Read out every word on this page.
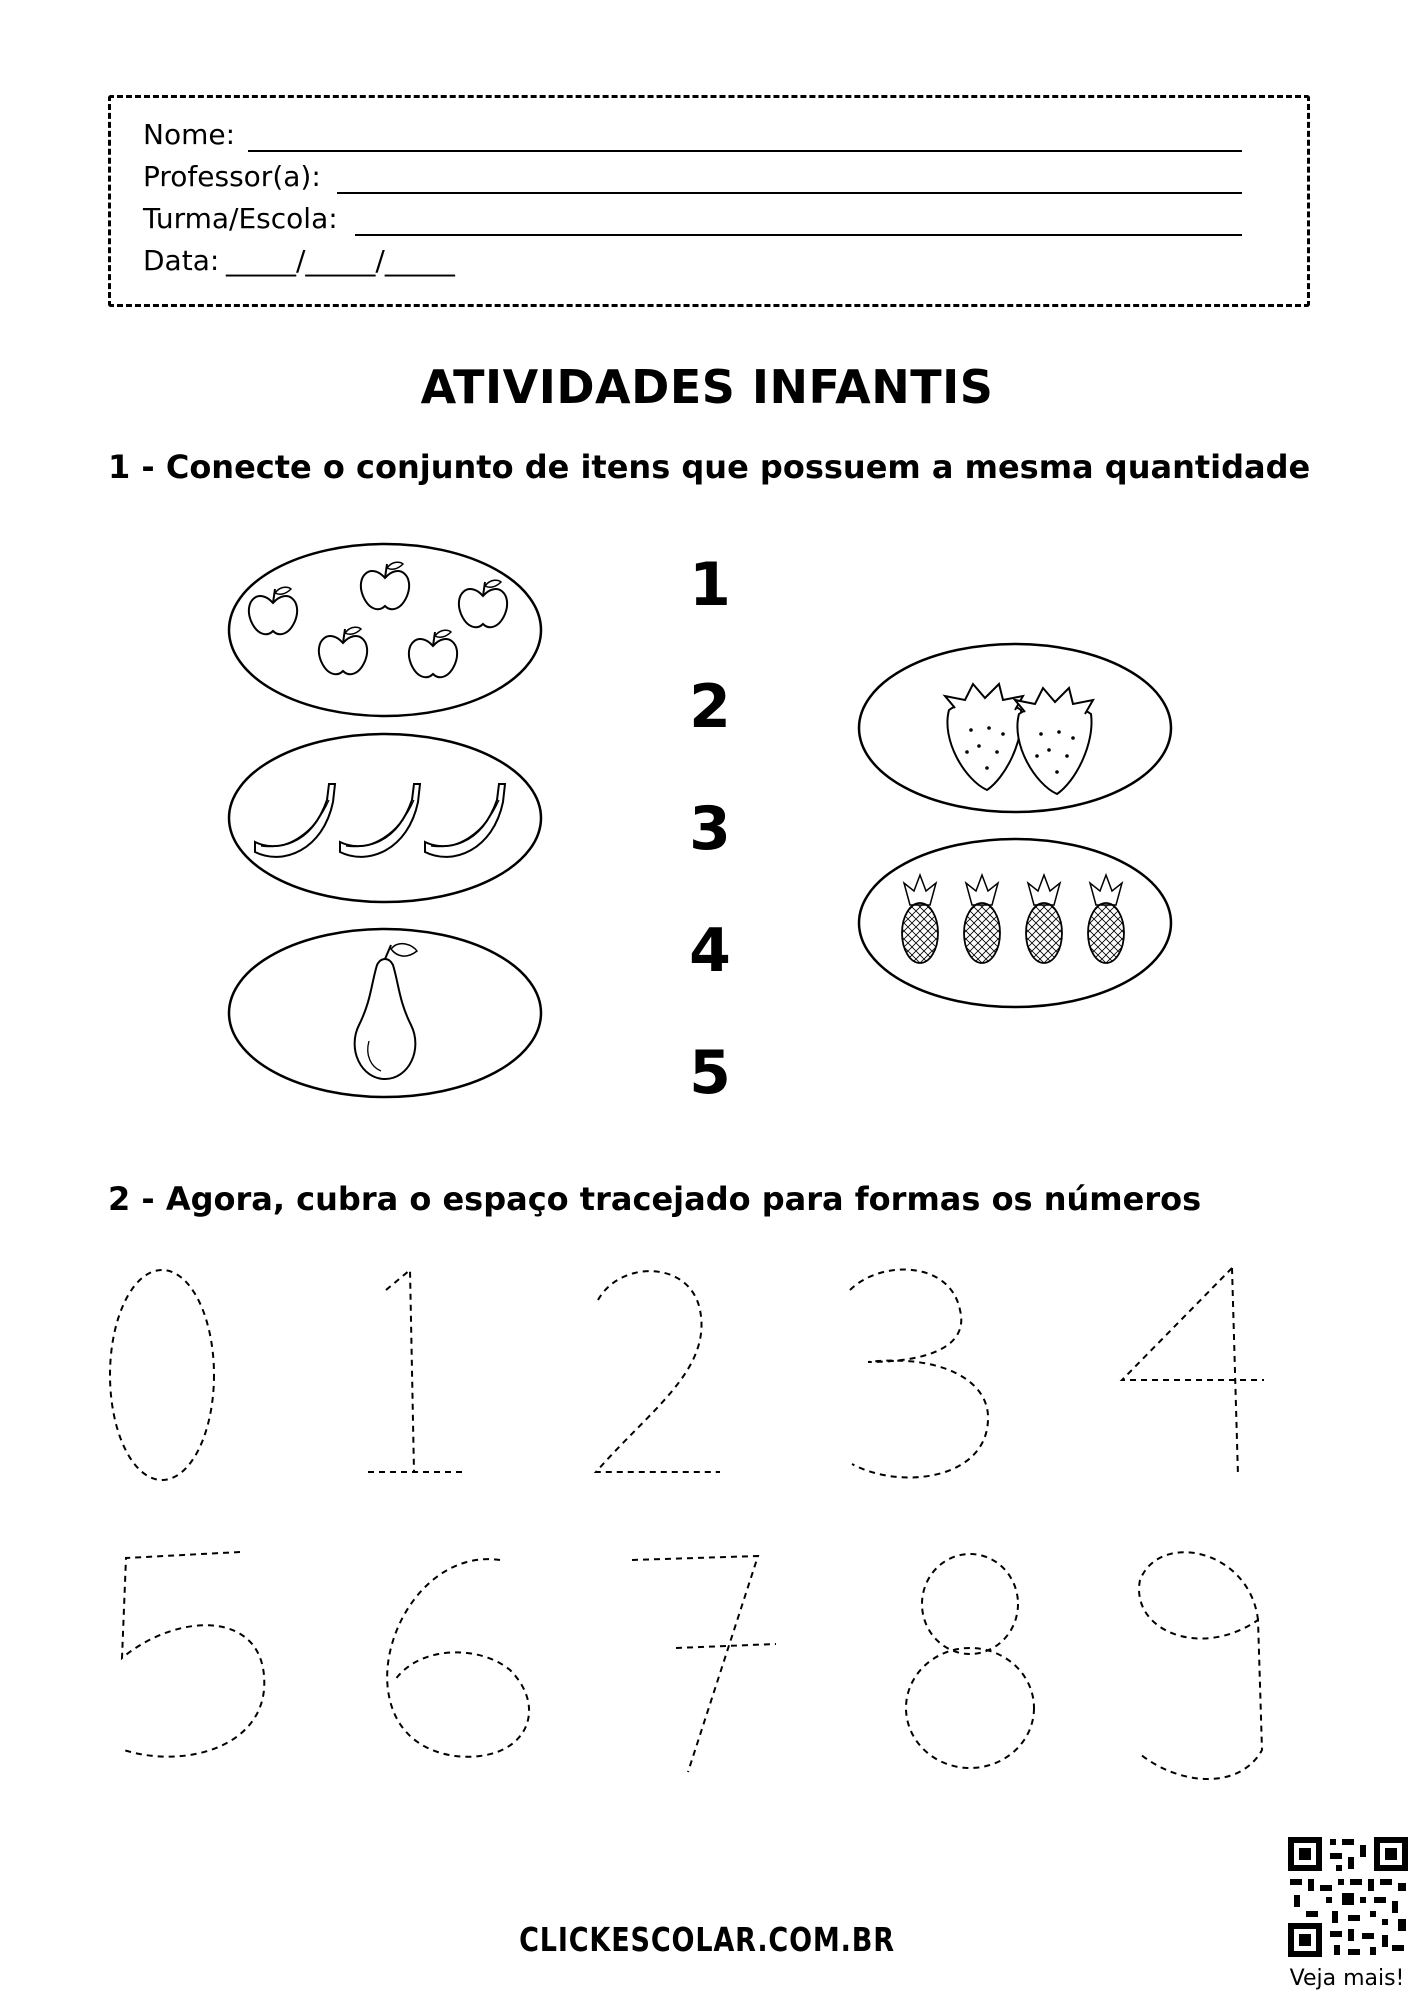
Nome:
Professor(a):
Turma/Escola:
Data: _____/_____/_____
ATIVIDADES INFANTIS
1 - Conecte o conjunto de itens que possuem a mesma quantidade
1
2
3
4
5
2 - Agora, cubra o espaço tracejado para formas os números
CLICKESCOLAR.COM.BR
Veja mais!
